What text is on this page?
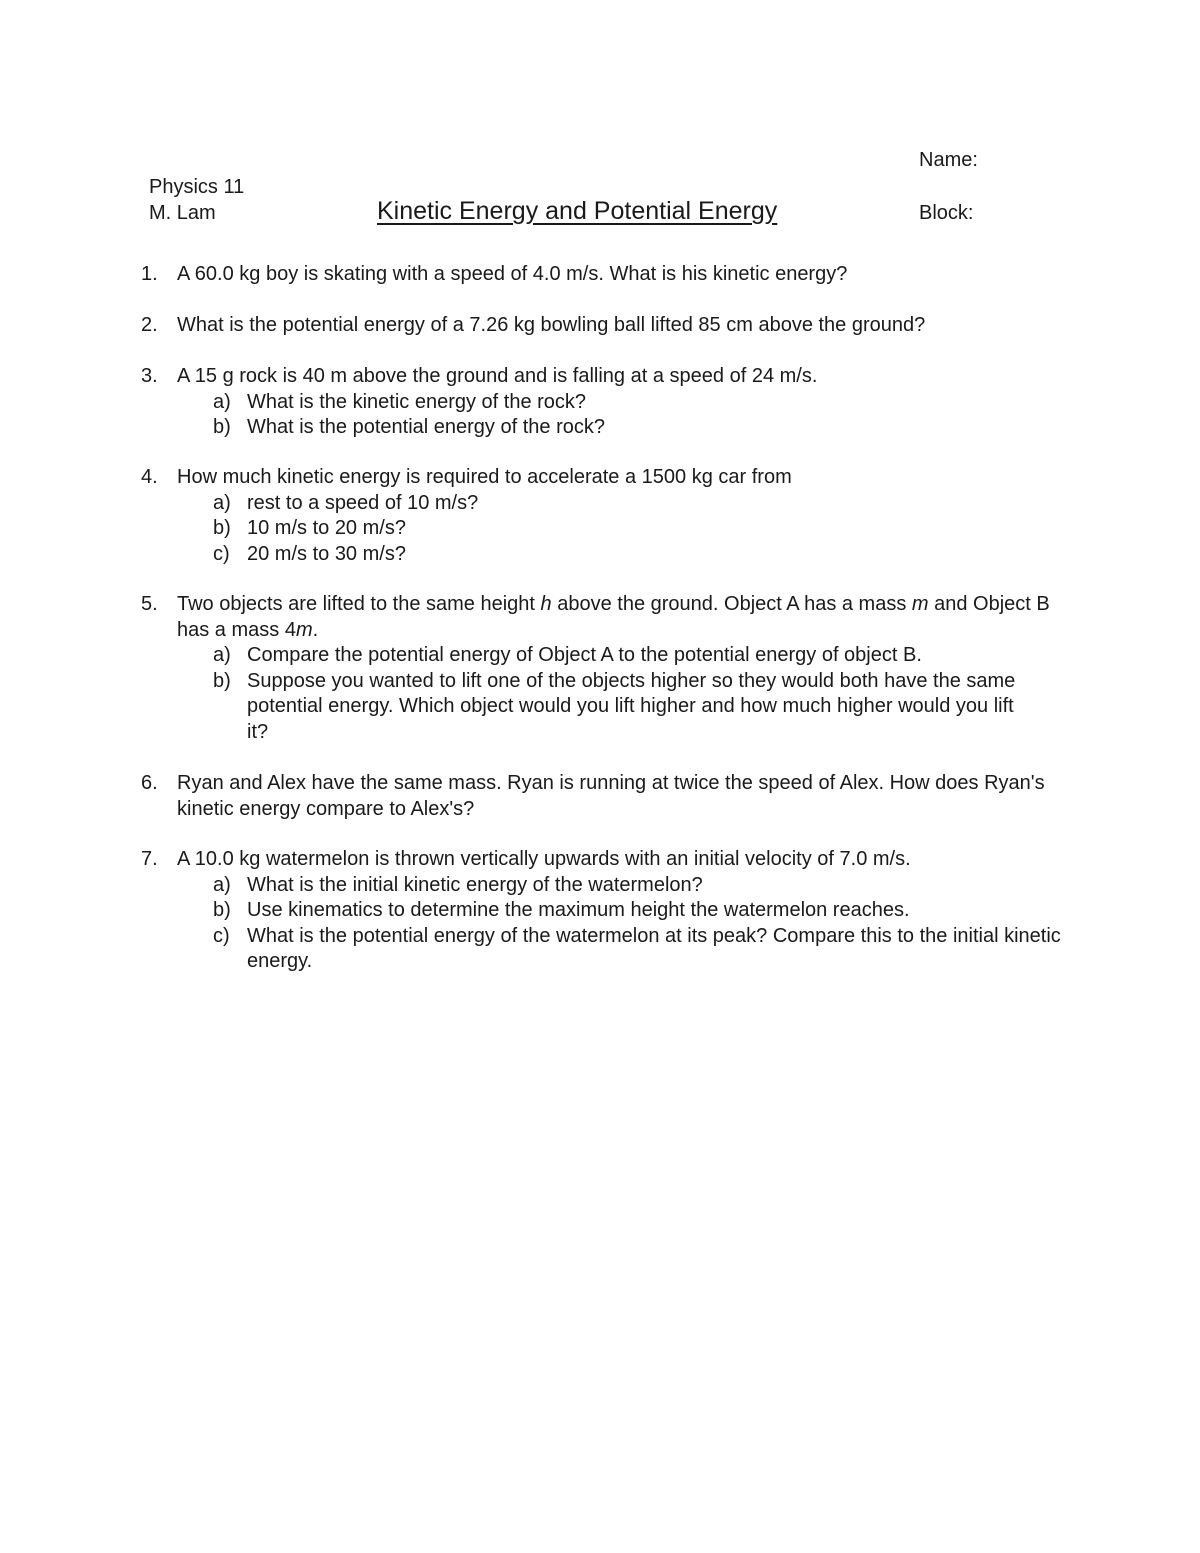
Name:
Physics 11
M. Lam	Kinetic Energy and Potential Energy	Block:
1. A 60.0 kg boy is skating with a speed of 4.0 m/s. What is his kinetic energy?
2. What is the potential energy of a 7.26 kg bowling ball lifted 85 cm above the ground?
3. A 15 g rock is 40 m above the ground and is falling at a speed of 24 m/s.
a) What is the kinetic energy of the rock?
b) What is the potential energy of the rock?
4. How much kinetic energy is required to accelerate a 1500 kg car from
a) rest to a speed of 10 m/s?
b) 10 m/s to 20 m/s?
c) 20 m/s to 30 m/s?
5. Two objects are lifted to the same height h above the ground. Object A has a mass m and Object B has a mass 4m.
a) Compare the potential energy of Object A to the potential energy of object B.
b) Suppose you wanted to lift one of the objects higher so they would both have the same potential energy. Which object would you lift higher and how much higher would you lift it?
6. Ryan and Alex have the same mass. Ryan is running at twice the speed of Alex. How does Ryan's kinetic energy compare to Alex's?
7. A 10.0 kg watermelon is thrown vertically upwards with an initial velocity of 7.0 m/s.
a) What is the initial kinetic energy of the watermelon?
b) Use kinematics to determine the maximum height the watermelon reaches.
c) What is the potential energy of the watermelon at its peak? Compare this to the initial kinetic energy.
